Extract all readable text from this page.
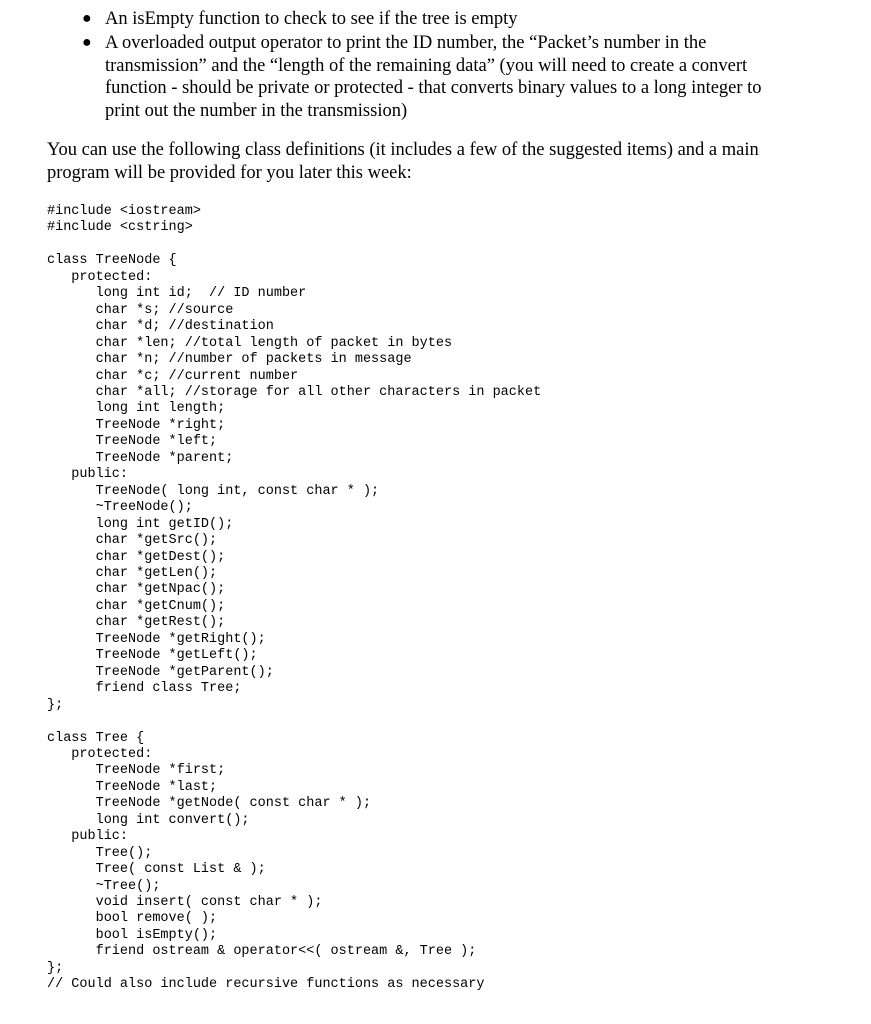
● An isEmpty function to check to see if the tree is empty
● A overloaded output operator to print the ID number, the “Packet’s number in the
transmission” and the “length of the remaining data” (you will need to create a convert
function - should be private or protected - that converts binary values to a long integer to
print out the number in the transmission)
You can use the following class definitions (it includes a few of the suggested items) and a main
program will be provided for you later this week:
#include <iostream>
#include <cstring>

class TreeNode {
protected:
long int id;  // ID number
char *s; //source
char *d; //destination
char *len; //total length of packet in bytes
char *n; //number of packets in message
char *c; //current number
char *all; //storage for all other characters in packet
long int length;
TreeNode *right;
TreeNode *left;
TreeNode *parent;
public:
TreeNode( long int, const char * );
~TreeNode();
long int getID();
char *getSrc();
char *getDest();
char *getLen();
char *getNpac();
char *getCnum();
char *getRest();
TreeNode *getRight();
TreeNode *getLeft();
TreeNode *getParent();
friend class Tree;
};

class Tree {
protected:
TreeNode *first;
TreeNode *last;
TreeNode *getNode( const char * );
long int convert();
public:
Tree();
Tree( const List & );
~Tree();
void insert( const char * );
bool remove( );
bool isEmpty();
friend ostream & operator<<( ostream &, Tree );
};
// Could also include recursive functions as necessary
